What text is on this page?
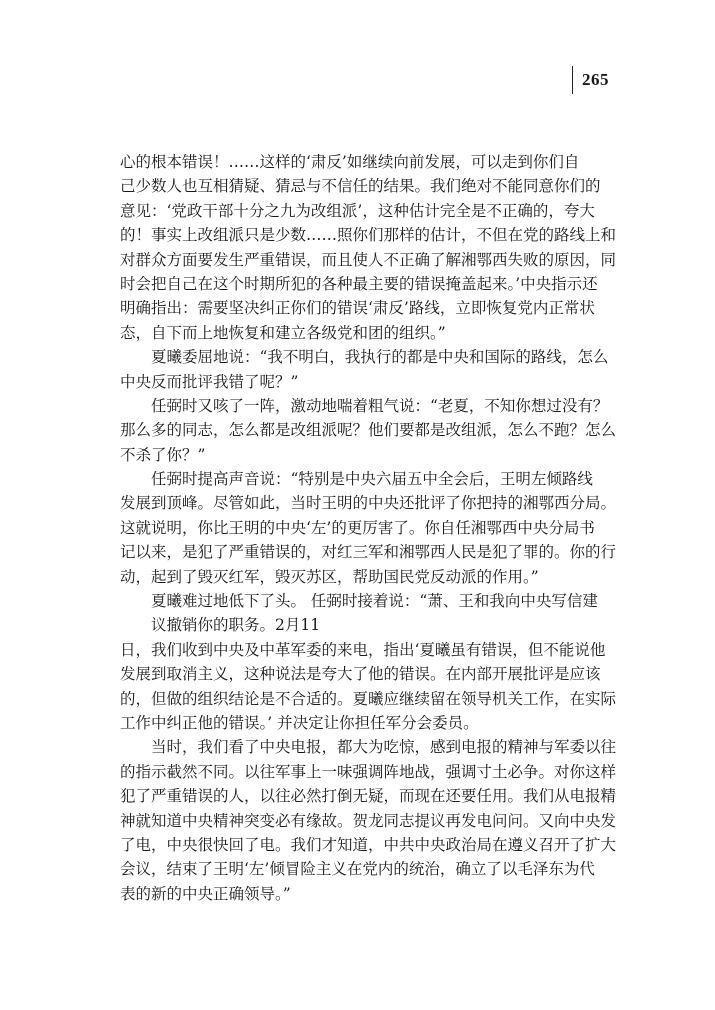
265
心的根本错误！……这样的‘肃反’如继续向前发展，可以走到你们自
己少数人也互相猜疑、猜忌与不信任的结果。我们绝对不能同意你们的
意见：‘党政干部十分之九为改组派’，这种估计完全是不正确的，夸大
的！事实上改组派只是少数……照你们那样的估计，不但在党的路线上和
对群众方面要发生严重错误，而且使人不正确了解湘鄂西失败的原因，同
时会把自己在这个时期所犯的各种最主要的错误掩盖起来。’中央指示还
明确指出：需要坚决纠正你们的错误‘肃反’路线，立即恢复党内正常状
态，自下而上地恢复和建立各级党和团的组织。”
夏曦委屈地说：“我不明白，我执行的都是中央和国际的路线，怎么
中央反而批评我错了呢？”
任弼时又咳了一阵，激动地喘着粗气说：“老夏，不知你想过没有？
那么多的同志，怎么都是改组派呢？他们要都是改组派，怎么不跑？怎么
不杀了你？”
任弼时提高声音说：“特别是中央六届五中全会后，王明左倾路线
发展到顶峰。尽管如此，当时王明的中央还批评了你把持的湘鄂西分局。
这就说明，你比王明的中央‘左’的更厉害了。你自任湘鄂西中央分局书
记以来，是犯了严重错误的，对红三军和湘鄂西人民是犯了罪的。你的行
动，起到了毁灭红军，毁灭苏区，帮助国民党反动派的作用。”
夏曦难过地低下了头。 任弼时接着说：“萧、王和我向中央写信建
议撤销你的职务。2月11
日，我们收到中央及中革军委的来电，指出‘夏曦虽有错误，但不能说他
发展到取消主义，这种说法是夸大了他的错误。在内部开展批评是应该
的，但做的组织结论是不合适的。夏曦应继续留在领导机关工作，在实际
工作中纠正他的错误。’ 并决定让你担任军分会委员。
当时，我们看了中央电报，都大为吃惊，感到电报的精神与军委以往
的指示截然不同。以往军事上一味强调阵地战，强调寸土必争。对你这样
犯了严重错误的人，以往必然打倒无疑，而现在还要任用。我们从电报精
神就知道中央精神突变必有缘故。贺龙同志提议再发电问问。又向中央发
了电，中央很快回了电。我们才知道，中共中央政治局在遵义召开了扩大
会议，结束了王明‘左’倾冒险主义在党内的统治，确立了以毛泽东为代
表的新的中央正确领导。”
